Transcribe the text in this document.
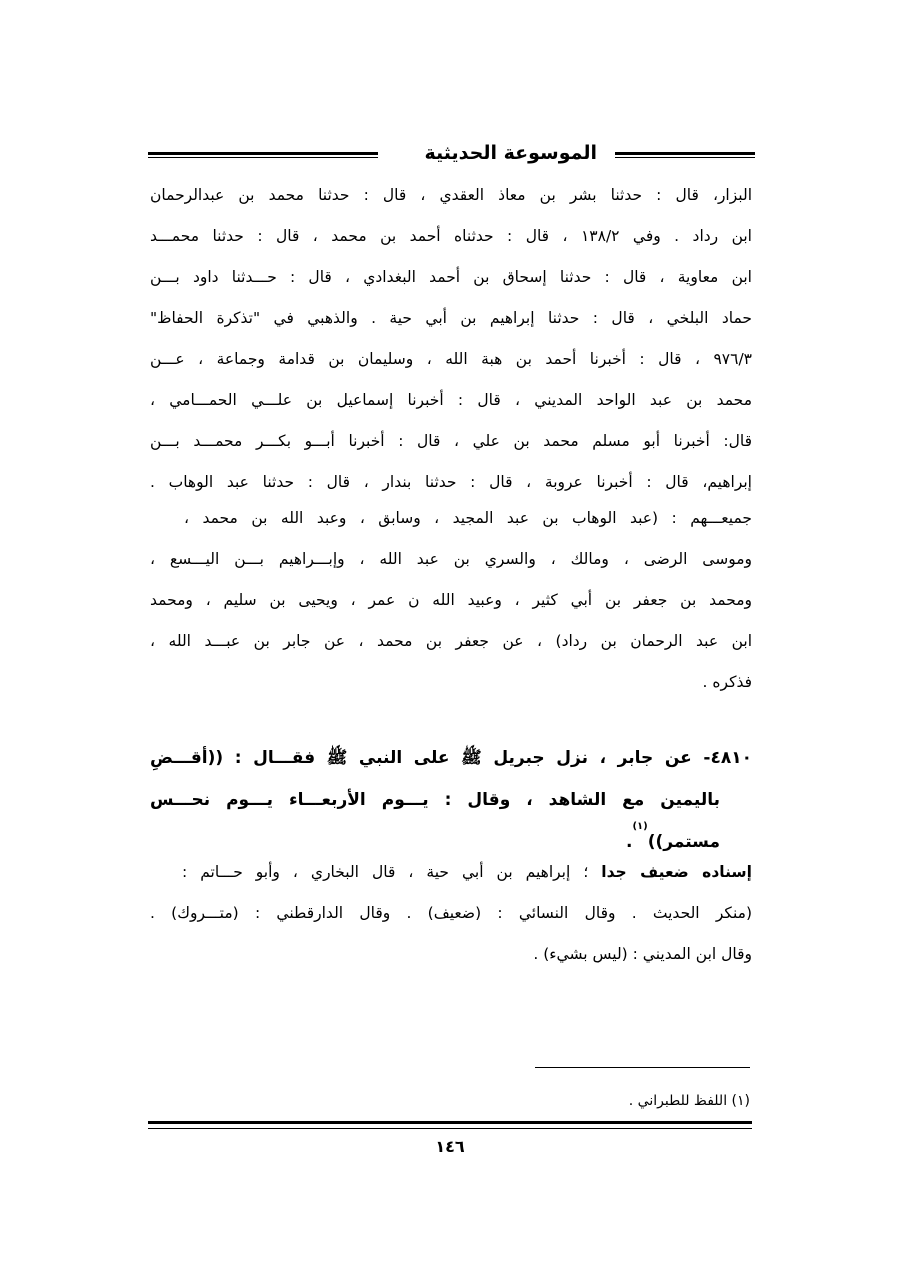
الموسوعة الحديثية
البزار، قال : حدثنا بشر بن معاذ العقدي ، قال : حدثنا محمد بن عبدالرحمان
ابن رداد . وفي ١٣٨/٢ ، قال : حدثناه أحمد بن محمد ، قال : حدثنا محمـــد
ابن معاوية ، قال : حدثنا إسحاق بن أحمد البغدادي ، قال : حـــدثنا داود بـــن
حماد البلخي ، قال : حدثنا إبراهيم بن أبي حية . والذهبي في "تذكرة الحفاظ"
٩٧٦/٣ ، قال : أخبرنا أحمد بن هبة الله ، وسليمان بن قدامة وجماعة ، عـــن
محمد بن عبد الواحد المديني ، قال : أخبرنا إسماعيل بن علـــي الحمـــامي ،
قال: أخبرنا أبو مسلم محمد بن علي ، قال : أخبرنا أبـــو بكـــر محمـــد بـــن
إبراهيم، قال : أخبرنا عروبة ، قال : حدثنا بندار ، قال : حدثنا عبد الوهاب .
جميعـــهم : (عبد الوهاب بن عبد المجيد ، وسابق ، وعبد الله بن محمد ،
وموسى الرضى ، ومالك ، والسري بن عبد الله ، وإبـــراهيم بـــن اليـــسع ،
ومحمد بن جعفر بن أبي كثير ، وعبيد الله ن عمر ، ويحيى بن سليم ، ومحمد
ابن عبد الرحمان بن رداد) ، عن جعفر بن محمد ، عن جابر بن عبـــد الله ،
فذكره .
٤٨١٠- عن جابر ، نزل جبريل ﷺ على النبي ﷺ فقـــال : ((أقـــضِ
باليمين مع الشاهد ، وقال : يـــوم الأربعـــاء يـــوم نحـــس
مستمر))$^{(١)}$.
إسناده ضعيف جدا ؛ إبراهيم بن أبي حية ، قال البخاري ، وأبو حـــاتم :
(منكر الحديث . وقال النسائي : (ضعيف) . وقال الدارقطني : (متـــروك) .
وقال ابن المديني : (ليس بشيء) .
(١) اللفظ للطبراني .
١٤٦
